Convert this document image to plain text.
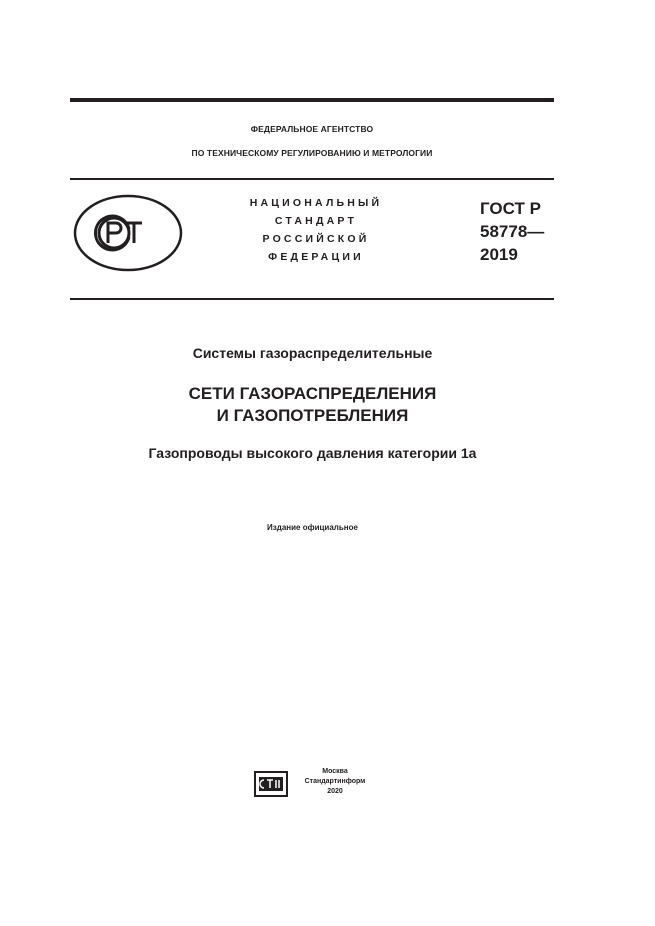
ФЕДЕРАЛЬНОЕ АГЕНТСТВО
ПО ТЕХНИЧЕСКОМУ РЕГУЛИРОВАНИЮ И МЕТРОЛОГИИ
НАЦИОНАЛЬНЫЙ
СТАНДАРТ
РОССИЙСКОЙ
ФЕДЕРАЦИИ
ГОСТ Р
58778—
2019
Системы газораспределительные
СЕТИ ГАЗОРАСПРЕДЕЛЕНИЯ
И ГАЗОПОТРЕБЛЕНИЯ
Газопроводы высокого давления категории 1а
Издание официальное
Москва
Стандартинформ
2020
